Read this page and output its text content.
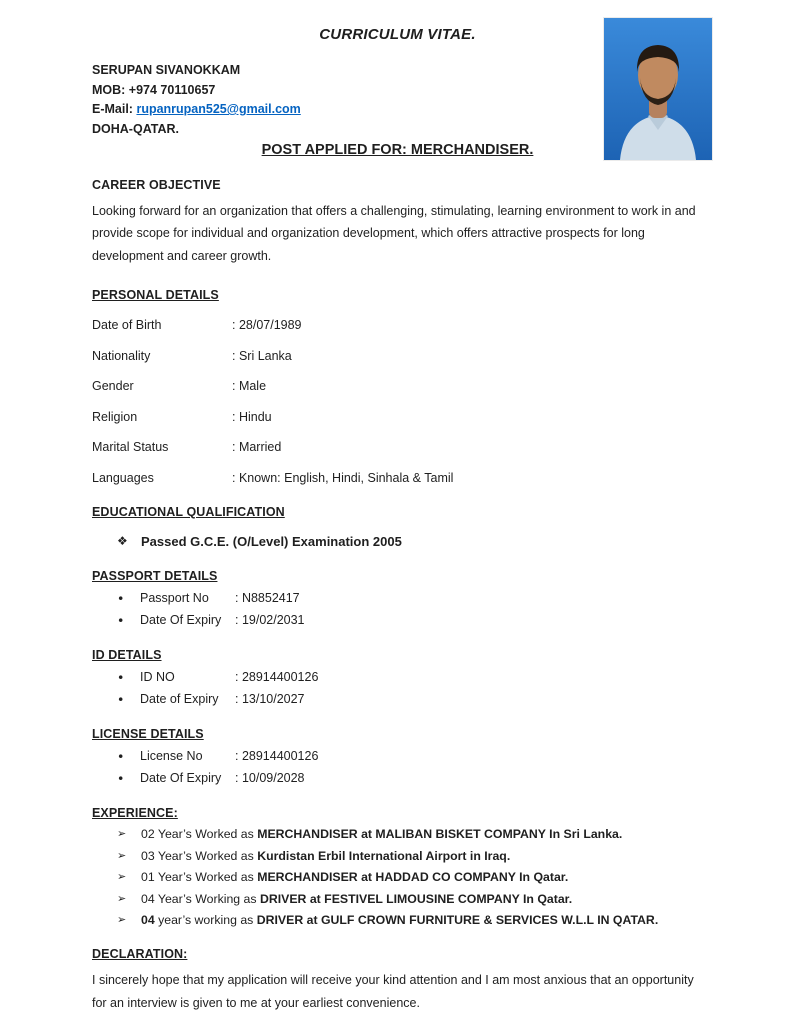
CURRICULUM VITAE.
SERUPAN SIVANOKKAM
MOB: +974 70110657
E-Mail: rupanrupan525@gmail.com
DOHA-QATAR.
POST APPLIED FOR: MERCHANDISER.
CAREER OBJECTIVE

Looking forward for an organization that offers a challenging, stimulating, learning environment to work in and provide scope for individual and organization development, which offers attractive prospects for long development and career growth.

PERSONAL DETAILS
Date of Birth	: 28/07/1989
Nationality	: Sri Lanka
Gender	: Male
Religion	: Hindu
Marital Status	: Married
Languages	: Known: English, Hindi, Sinhala & Tamil
EDUCATIONAL QUALIFICATION
❖	Passed G.C.E. (O/Level) Examination 2005
PASSPORT DETAILS
•	Passport No	: N8852417
•	Date Of Expiry	: 19/02/2031
ID DETAILS
•	ID NO	: 28914400126
•	Date of Expiry	: 13/10/2027
LICENSE DETAILS
•	License No	: 28914400126
•	Date Of Expiry	: 10/09/2028
EXPERIENCE:
➢	02 Year’s Worked as MERCHANDISER at MALIBAN BISKET COMPANY In Sri Lanka.
➢	03 Year’s Worked as Kurdistan Erbil International Airport in Iraq.
➢	01 Year’s Worked as MERCHANDISER at HADDAD CO COMPANY In Qatar.
➢	04 Year’s Working as DRIVER at FESTIVEL LIMOUSINE COMPANY In Qatar.
➢	04 year’s working as DRIVER at GULF CROWN FURNITURE & SERVICES W.L.L IN QATAR.
DECLARATION:

I sincerely hope that my application will receive your kind attention and I am most anxious that an opportunity for an interview is given to me at your earliest convenience.
